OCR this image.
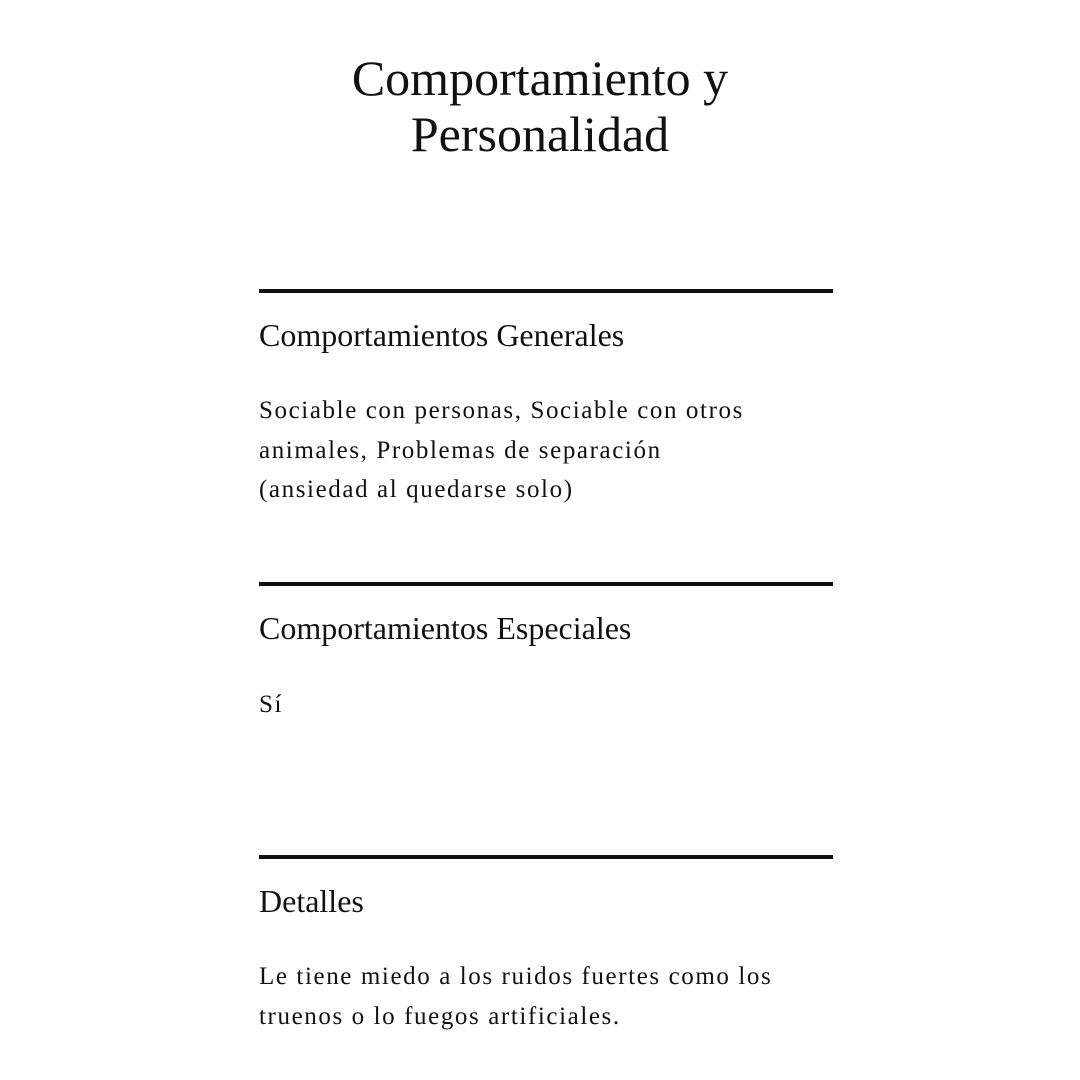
Comportamiento y
Personalidad
Comportamientos Generales

Sociable con personas, Sociable con otros
animales, Problemas de separación
(ansiedad al quedarse solo)

Comportamientos Especiales

Sí

Detalles

Le tiene miedo a los ruidos fuertes como los
truenos o lo fuegos artificiales.
